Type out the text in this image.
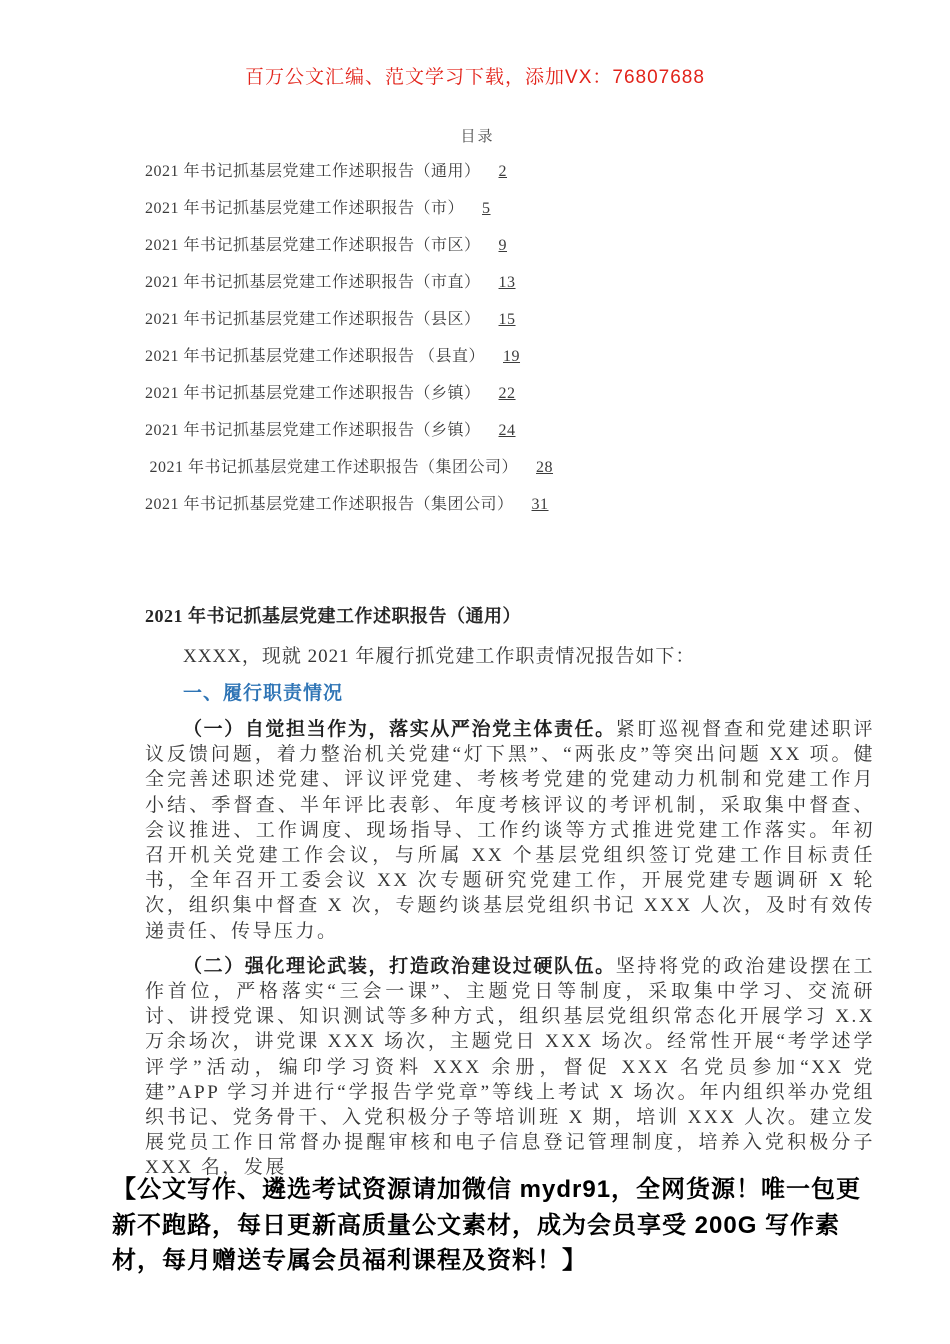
百万公文汇编、范文学习下载，添加VX：76807688
目录
2021 年书记抓基层党建工作述职报告（通用） 2
2021 年书记抓基层党建工作述职报告（市） 5
2021 年书记抓基层党建工作述职报告（市区） 9
2021 年书记抓基层党建工作述职报告（市直） 13
2021 年书记抓基层党建工作述职报告（县区） 15
2021 年书记抓基层党建工作述职报告 （县直） 19
2021 年书记抓基层党建工作述职报告（乡镇） 22
2021 年书记抓基层党建工作述职报告（乡镇） 24
2021 年书记抓基层党建工作述职报告（集团公司） 28
2021 年书记抓基层党建工作述职报告（集团公司） 31
2021 年书记抓基层党建工作述职报告（通用）

XXXX，现就 2021 年履行抓党建工作职责情况报告如下：

一、履行职责情况

（一）自觉担当作为，落实从严治党主体责任。紧盯巡视督查和党建述职评议反馈问题，着力整治机关党建“灯下黑”、“两张皮”等突出问题 XX 项。健全完善述职述党建、评议评党建、考核考党建的党建动力机制和党建工作月小结、季督查、半年评比表彰、年度考核评议的考评机制，采取集中督查、会议推进、工作调度、现场指导、工作约谈等方式推进党建工作落实。年初召开机关党建工作会议，与所属 XX 个基层党组织签订党建工作目标责任书，全年召开工委会议 XX 次专题研究党建工作，开展党建专题调研 X 轮次，组织集中督查 X 次，专题约谈基层党组织书记 XXX 人次，及时有效传递责任、传导压力。

（二）强化理论武装，打造政治建设过硬队伍。坚持将党的政治建设摆在工作首位，严格落实“三会一课”、主题党日等制度，采取集中学习、交流研讨、讲授党课、知识测试等多种方式，组织基层党组织常态化开展学习 X.X 万余场次，讲党课 XXX 场次，主题党日 XXX 场次。经常性开展“考学述学评学”活动，编印学习资料 XXX 余册，督促 XXX 名党员参加“XX 党建”APP 学习并进行“学报告学党章”等线上考试 X 场次。年内组织举办党组织书记、党务骨干、入党积极分子等培训班 X 期，培训 XXX 人次。建立发展党员工作日常督办提醒审核和电子信息登记管理制度，培养入党积极分子 XXX 名，发展

【公文写作、遴选考试资源请加微信 mydr91，全网货源！唯一包更新不跑路，每日更新高质量公文素材，成为会员享受 200G 写作素材，每月赠送专属会员福利课程及资料！】
